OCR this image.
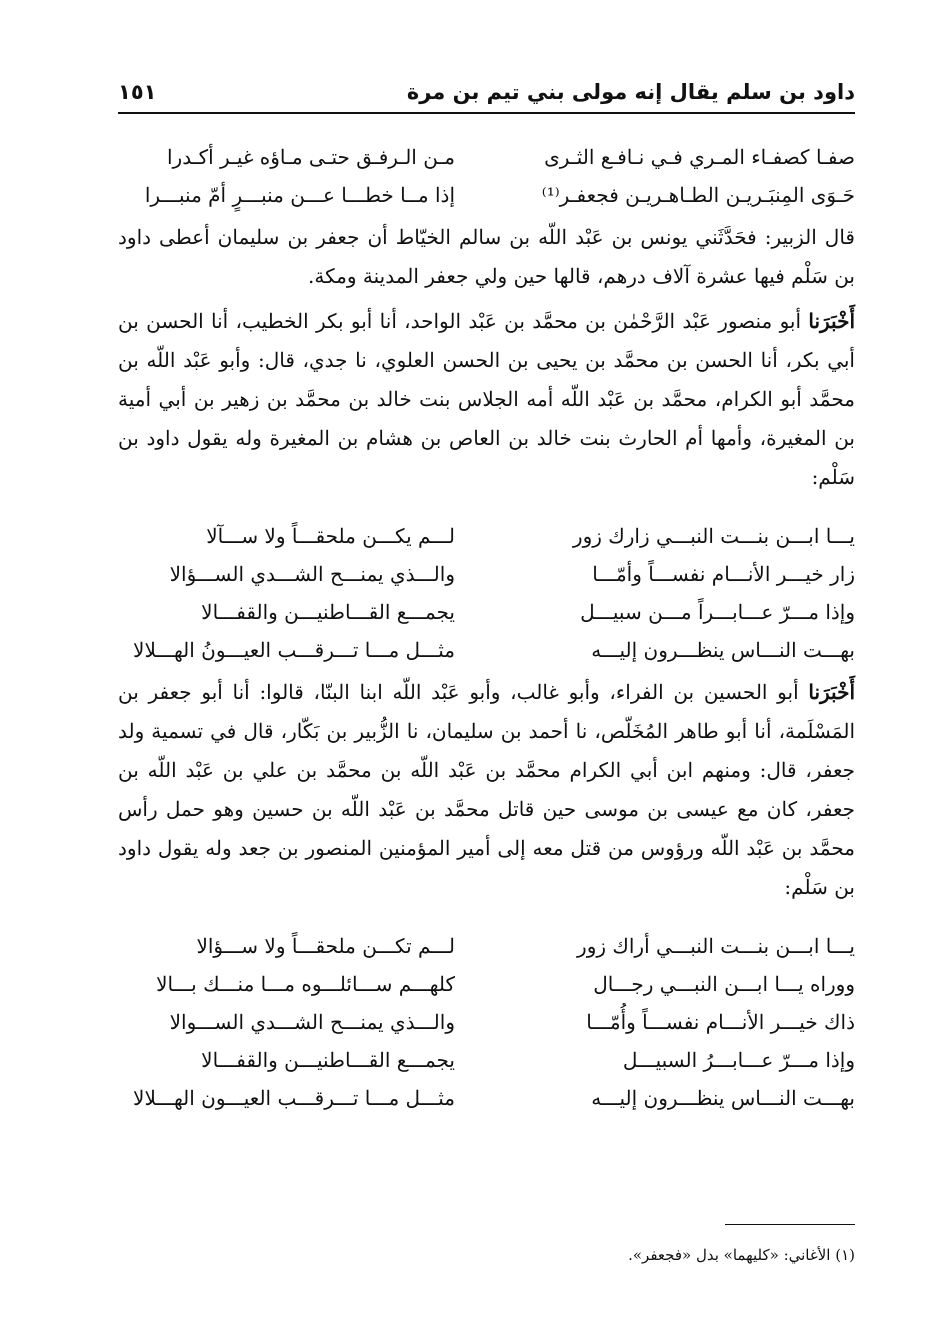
داود بن سلم يقال إنه مولى بني تيم بن مرة
١٥١
صفـا كصفـاء المـري فـي نـافـع الثـرى
مـن الـرفـق حتـى مـاؤه غيـر أكـدرا
حَـوَى المِنبَـريـن الطـاهـريـن فجعفـر⁽¹⁾
إذا مــا خطـــا عـــن منبـــرٍ أمّ منبـــرا
قال الزبير: فحَدَّثَني يونس بن عَبْد اللّه بن سالم الخيّاط أن جعفر بن سليمان أعطى داود بن سَلْم فيها عشرة آلاف درهم، قالها حين ولي جعفر المدينة ومكة.
أَخْبَرَنا أبو منصور عَبْد الرَّحْمٰن بن محمَّد بن عَبْد الواحد، أنا أبو بكر الخطيب، أنا الحسن بن أبي بكر، أنا الحسن بن محمَّد بن يحيى بن الحسن العلوي، نا جدي، قال: وأبو عَبْد اللّه بن محمَّد أبو الكرام، محمَّد بن عَبْد اللّه أمه الجلاس بنت خالد بن محمَّد بن زهير بن أبي أمية بن المغيرة، وأمها أم الحارث بنت خالد بن العاص بن هشام بن المغيرة وله يقول داود بن سَلْم:
يـــا ابـــن بنـــت النبـــي زارك زور
لـــم يكـــن ملحقـــاً ولا ســـآلا
زار خيـــر الأنـــام نفســـاً وأمّـــا
والـــذي يمنـــح الشـــدي الســـؤالا
وإذا مـــرّ عـــابـــراً مـــن سبيـــل
يجمـــع القـــاطنيـــن والقفـــالا
بهـــت النـــاس ينظـــرون إليـــه
مثـــل مـــا تـــرقـــب العيـــونُ الهـــلالا
أَخْبَرَنا أبو الحسين بن الفراء، وأبو غالب، وأبو عَبْد اللّه ابنا البنّا، قالوا: أنا أبو جعفر بن المَسْلَمة، أنا أبو طاهر المُخَلّص، نا أحمد بن سليمان، نا الزُّبير بن بَكّار، قال في تسمية ولد جعفر، قال: ومنهم ابن أبي الكرام محمَّد بن عَبْد اللّه بن محمَّد بن علي بن عَبْد اللّه بن جعفر، كان مع عيسى بن موسى حين قاتل محمَّد بن عَبْد اللّه بن حسين وهو حمل رأس محمَّد بن عَبْد اللّه ورؤوس من قتل معه إلى أمير المؤمنين المنصور بن جعد وله يقول داود بن سَلْم:
يـــا ابـــن بنـــت النبـــي أراك زور
لـــم تكـــن ملحقـــاً ولا ســـؤالا
ووراه يـــا ابـــن النبـــي رجـــال
كلهـــم ســـائلـــوه مـــا منـــك بـــالا
ذاك خيـــر الأنـــام نفســـاً وأُمّـــا
والـــذي يمنـــح الشـــدي الســـوالا
وإذا مـــرّ عـــابـــرُ السبيـــل
يجمـــع القـــاطنيـــن والقفـــالا
بهـــت النـــاس ينظـــرون إليـــه
مثـــل مـــا تـــرقـــب العيـــون الهـــلالا
(١) الأغاني: «كليهما» بدل «فجعفر».
